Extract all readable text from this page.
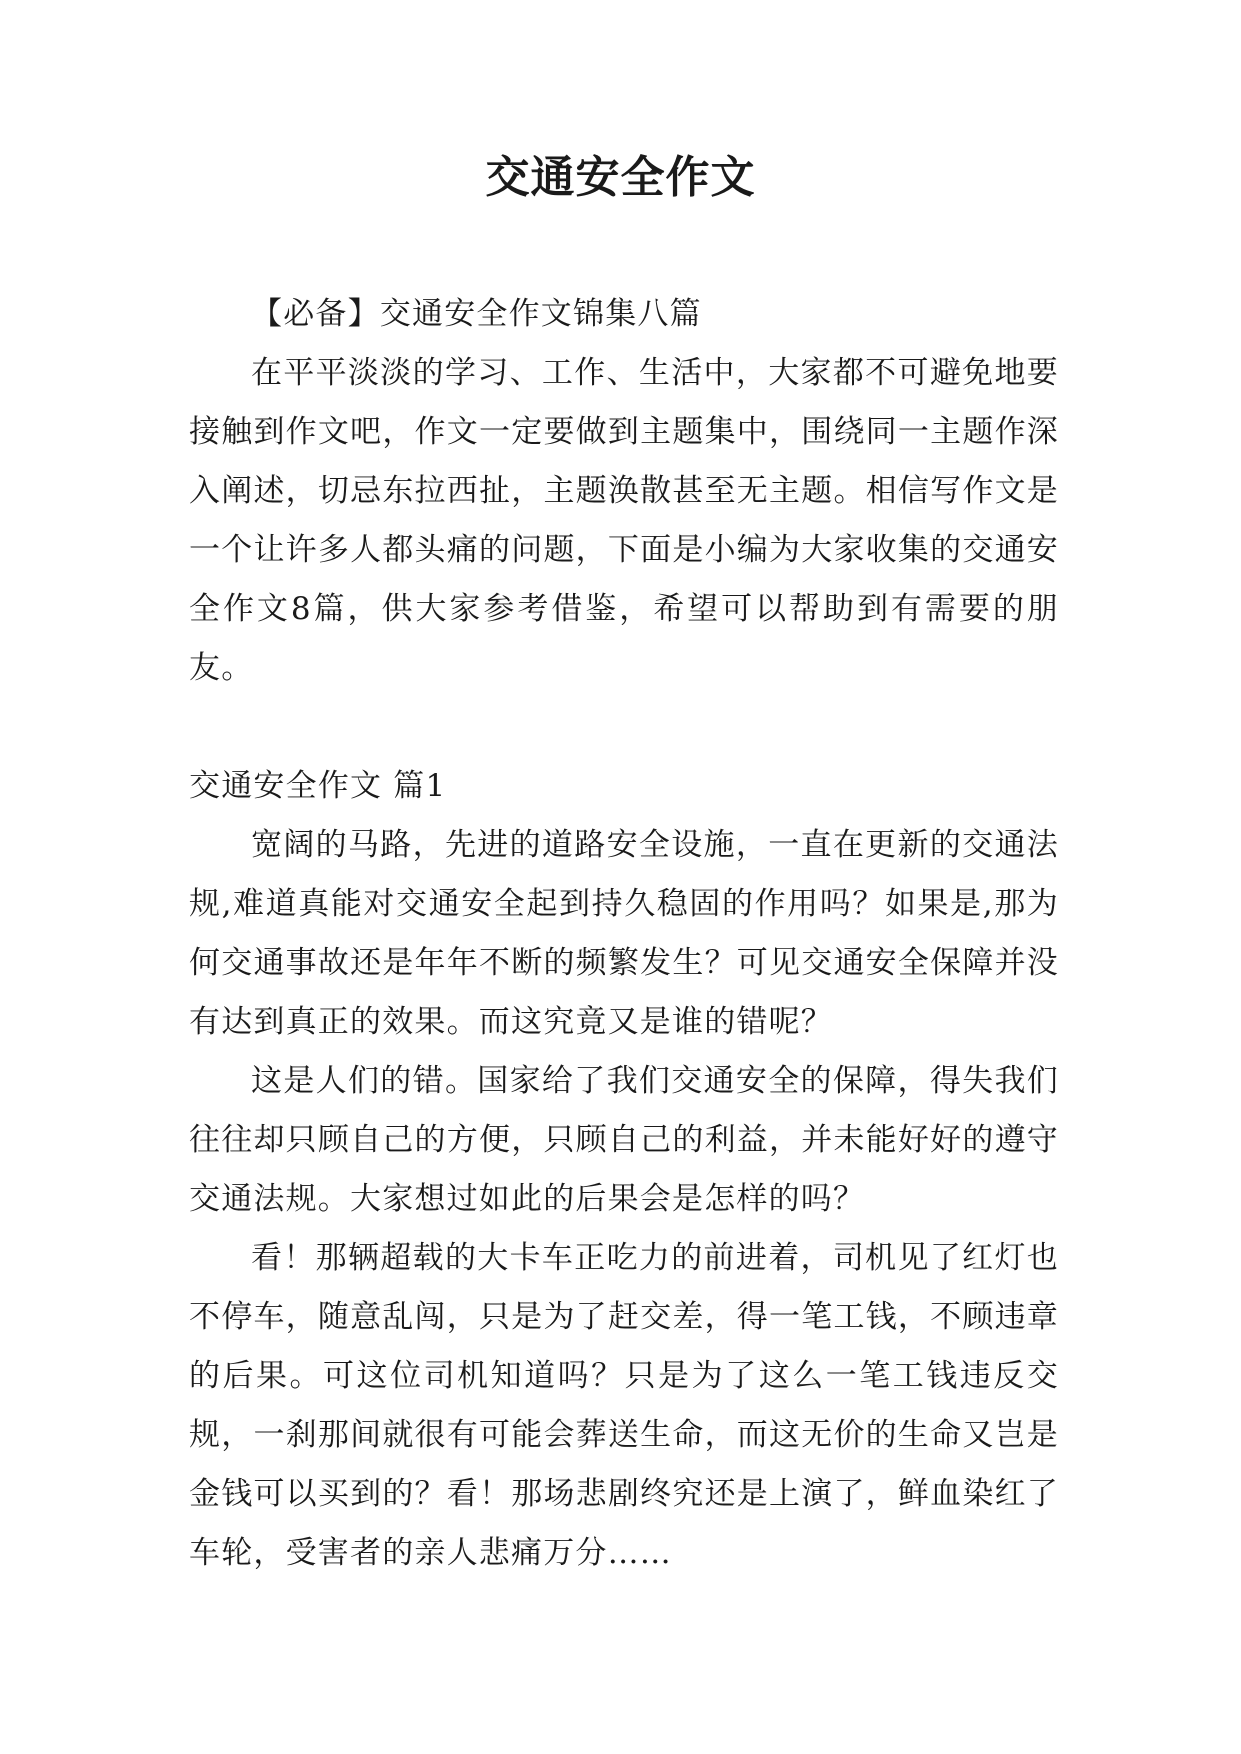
交通安全作文

【必备】交通安全作文锦集八篇

在平平淡淡的学习、工作、生活中，大家都不可避免地要接触到作文吧，作文一定要做到主题集中，围绕同一主题作深入阐述，切忌东拉西扯，主题涣散甚至无主题。相信写作文是一个让许多人都头痛的问题，下面是小编为大家收集的交通安全作文8篇，供大家参考借鉴，希望可以帮助到有需要的朋友。

交通安全作文 篇1

宽阔的马路，先进的道路安全设施，一直在更新的交通法规,难道真能对交通安全起到持久稳固的作用吗？如果是,那为何交通事故还是年年不断的频繁发生？可见交通安全保障并没有达到真正的效果。而这究竟又是谁的错呢？

这是人们的错。国家给了我们交通安全的保障，得失我们往往却只顾自己的方便，只顾自己的利益，并未能好好的遵守交通法规。大家想过如此的后果会是怎样的吗？

看！那辆超载的大卡车正吃力的前进着，司机见了红灯也不停车，随意乱闯，只是为了赶交差，得一笔工钱，不顾违章的后果。可这位司机知道吗？只是为了这么一笔工钱违反交规，一刹那间就很有可能会葬送生命，而这无价的生命又岂是金钱可以买到的？看！那场悲剧终究还是上演了，鲜血染红了车轮，受害者的亲人悲痛万分……
